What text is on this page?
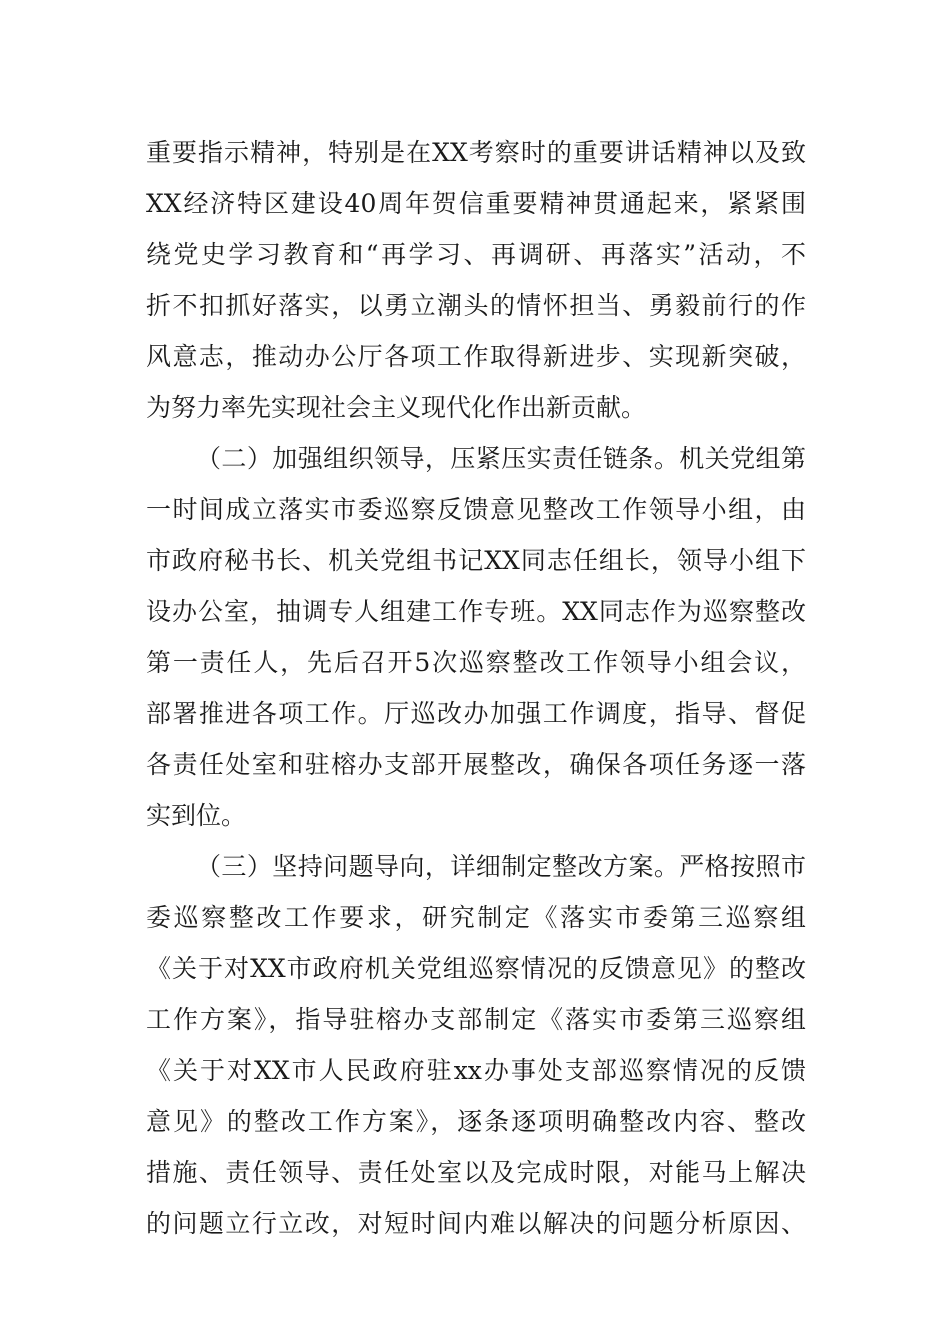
重要指示精神，特别是在XX考察时的重要讲话精神以及致
XX经济特区建设40周年贺信重要精神贯通起来，紧紧围
绕党史学习教育和“再学习、再调研、再落实”活动，不
折不扣抓好落实，以勇立潮头的情怀担当、勇毅前行的作
风意志，推动办公厅各项工作取得新进步、实现新突破，
为努力率先实现社会主义现代化作出新贡献。
（二）加强组织领导，压紧压实责任链条。机关党组第
一时间成立落实市委巡察反馈意见整改工作领导小组，由
市政府秘书长、机关党组书记XX同志任组长，领导小组下
设办公室，抽调专人组建工作专班。XX同志作为巡察整改
第一责任人，先后召开5次巡察整改工作领导小组会议，
部署推进各项工作。厅巡改办加强工作调度，指导、督促
各责任处室和驻榕办支部开展整改，确保各项任务逐一落
实到位。
（三）坚持问题导向，详细制定整改方案。严格按照市
委巡察整改工作要求，研究制定《落实市委第三巡察组
《关于对XX市政府机关党组巡察情况的反馈意见》的整改
工作方案》，指导驻榕办支部制定《落实市委第三巡察组
《关于对XX市人民政府驻xx办事处支部巡察情况的反馈
意见》的整改工作方案》，逐条逐项明确整改内容、整改
措施、责任领导、责任处室以及完成时限，对能马上解决
的问题立行立改，对短时间内难以解决的问题分析原因、
